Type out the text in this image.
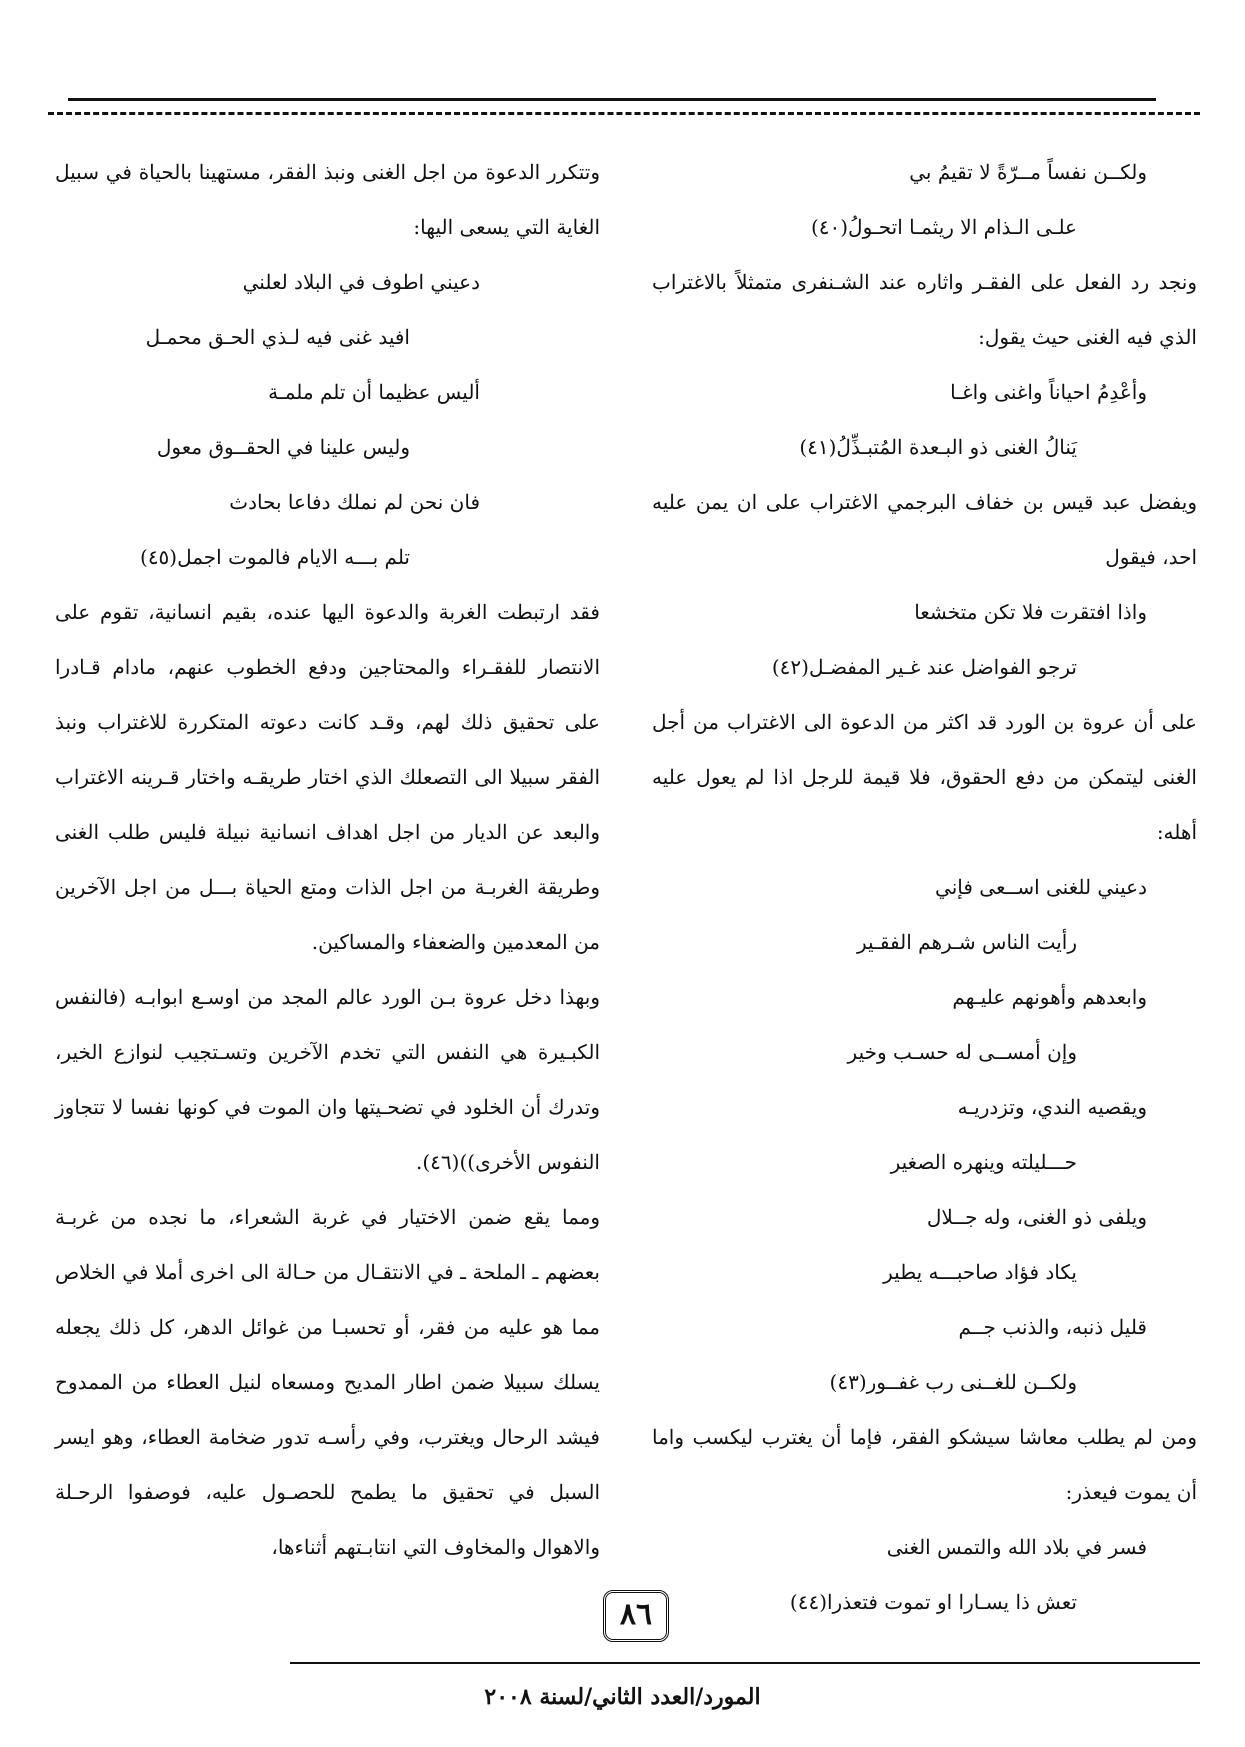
ولكــن نفساً مــرّةً لا تقيمُ بي

علـى الـذام الا ريثمـا اتحـولُ(٤٠)

ونجد رد الفعل على الفقـر واثاره عند الشـنفرى متمثلاً بالاغتراب الذي فيه الغنى حيث يقول:

وأعْدِمُ احياناً واغنى واغـا

يَنالُ الغنى ذو البـعدة المُتبـذِّلُ(٤١)

ويفضل عبد قيس بن خفاف البرجمي الاغتراب على ان يمن عليه احد، فيقول

واذا افتقرت فلا تكن متخشعا

ترجو الفواضل عند غـير المفضـل(٤٢)

على أن عروة بن الورد قد اكثر من الدعوة الى الاغتراب من أجل الغنى ليتمكن من دفع الحقوق، فلا قيمة للرجل اذا لم يعول عليه أهله:

دعيني للغنى اســعى فإني

رأيت الناس شـرهم الفقـير

وابعدهم وأهونهم عليـهم

وإن أمســى له حسـب وخير

ويقصيه الندي، وتزدريـه

حـــليلته وينهره الصغير

ويلفى ذو الغنى، وله جــلال

يكاد فؤاد صاحبـــه يطير

قليل ذنبه، والذنب جــم

ولكــن للغــنى رب غفــور(٤٣)

ومن لم يطلب معاشا سيشكو الفقر، فإما أن يغترب ليكسب واما أن يموت فيعذر:

فسر في بلاد الله والتمس الغنى

تعش ذا يسـارا او تموت فتعذرا(٤٤)

وتتكرر الدعوة من اجل الغنى ونبذ الفقر، مستهينا بالحياة في سبيل الغاية التي يسعى اليها:

دعيني اطوف في البلاد لعلني

افيد غنى فيه لـذي الحـق محمـل

أليس عظيما أن تلم ملمـة

وليس علينا في الحقــوق معول

فان نحن لم نملك دفاعا بحادث

تلم بـــه الايام فالموت اجمل(٤٥)

فقد ارتبطت الغربة والدعوة اليها عنده، بقيم انسانية، تقوم على الانتصار للفقـراء والمحتاجين ودفع الخطوب عنهم، مادام قـادرا على تحقيق ذلك لهم، وقـد كانت دعوته المتكررة للاغتراب ونبذ الفقر سبيلا الى التصعلك الذي اختار طريقـه واختار قـرينه الاغتراب والبعد عن الديار من اجل اهداف انسانية نبيلة فليس طلب الغنى وطريقة الغربـة من اجل الذات ومتع الحياة بـــل من اجل الآخرين من المعدمين والضعفاء والمساكين.

وبهذا دخل عروة بـن الورد عالم المجد من اوسـع ابوابـه (فالنفس الكبـيرة هي النفس التي تخدم الآخرين وتسـتجيب لنوازع الخير، وتدرك أن الخلود في تضحـيتها وان الموت في كونها نفسا لا تتجاوز النفوس الأخرى))(٤٦).

ومما يقع ضمن الاختيار في غربة الشعراء، ما نجده من غربـة بعضهم ـ الملحة ـ في الانتقـال من حـالة الى اخرى أملا في الخلاص مما هو عليه من فقر، أو تحسبـا من غوائل الدهر، كل ذلك يجعله يسلك سبيلا ضمن اطار المديح ومسعاه لنيل العطاء من الممدوح فيشد الرحال ويغترب، وفي رأسـه تدور ضخامة العطاء، وهو ايسر السبل في تحقيق ما يطمح للحصـول عليه، فوصفوا الرحـلة والاهوال والمخاوف التي انتابـتهم أثناءها،

٨٦
المورد/العدد الثاني/لسنة ٢٠٠٨
